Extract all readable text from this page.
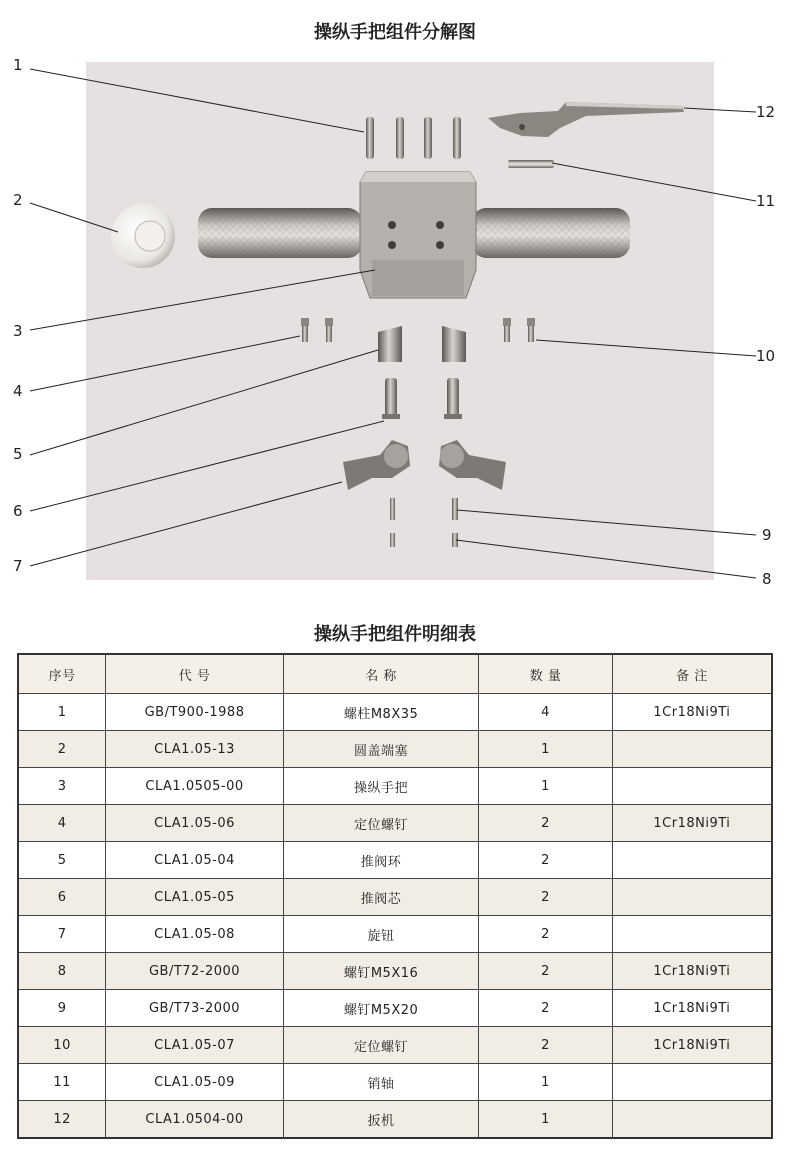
操纵手把组件分解图
1
2
3
4
5
6
7
8
9
10
11
12
操纵手把组件明细表
序号	代 号	名 称	数 量	备 注
1	GB/T900-1988	螺柱M8X35	4	1Cr18Ni9Ti
2	CLA1.05-13	圆盖端塞	1	
3	CLA1.0505-00	操纵手把	1	
4	CLA1.05-06	定位螺钉	2	1Cr18Ni9Ti
5	CLA1.05-04	推阀环	2	
6	CLA1.05-05	推阀芯	2	
7	CLA1.05-08	旋钮	2	
8	GB/T72-2000	螺钉M5X16	2	1Cr18Ni9Ti
9	GB/T73-2000	螺钉M5X20	2	1Cr18Ni9Ti
10	CLA1.05-07	定位螺钉	2	1Cr18Ni9Ti
11	CLA1.05-09	销轴	1	
12	CLA1.0504-00	扳机	1	
